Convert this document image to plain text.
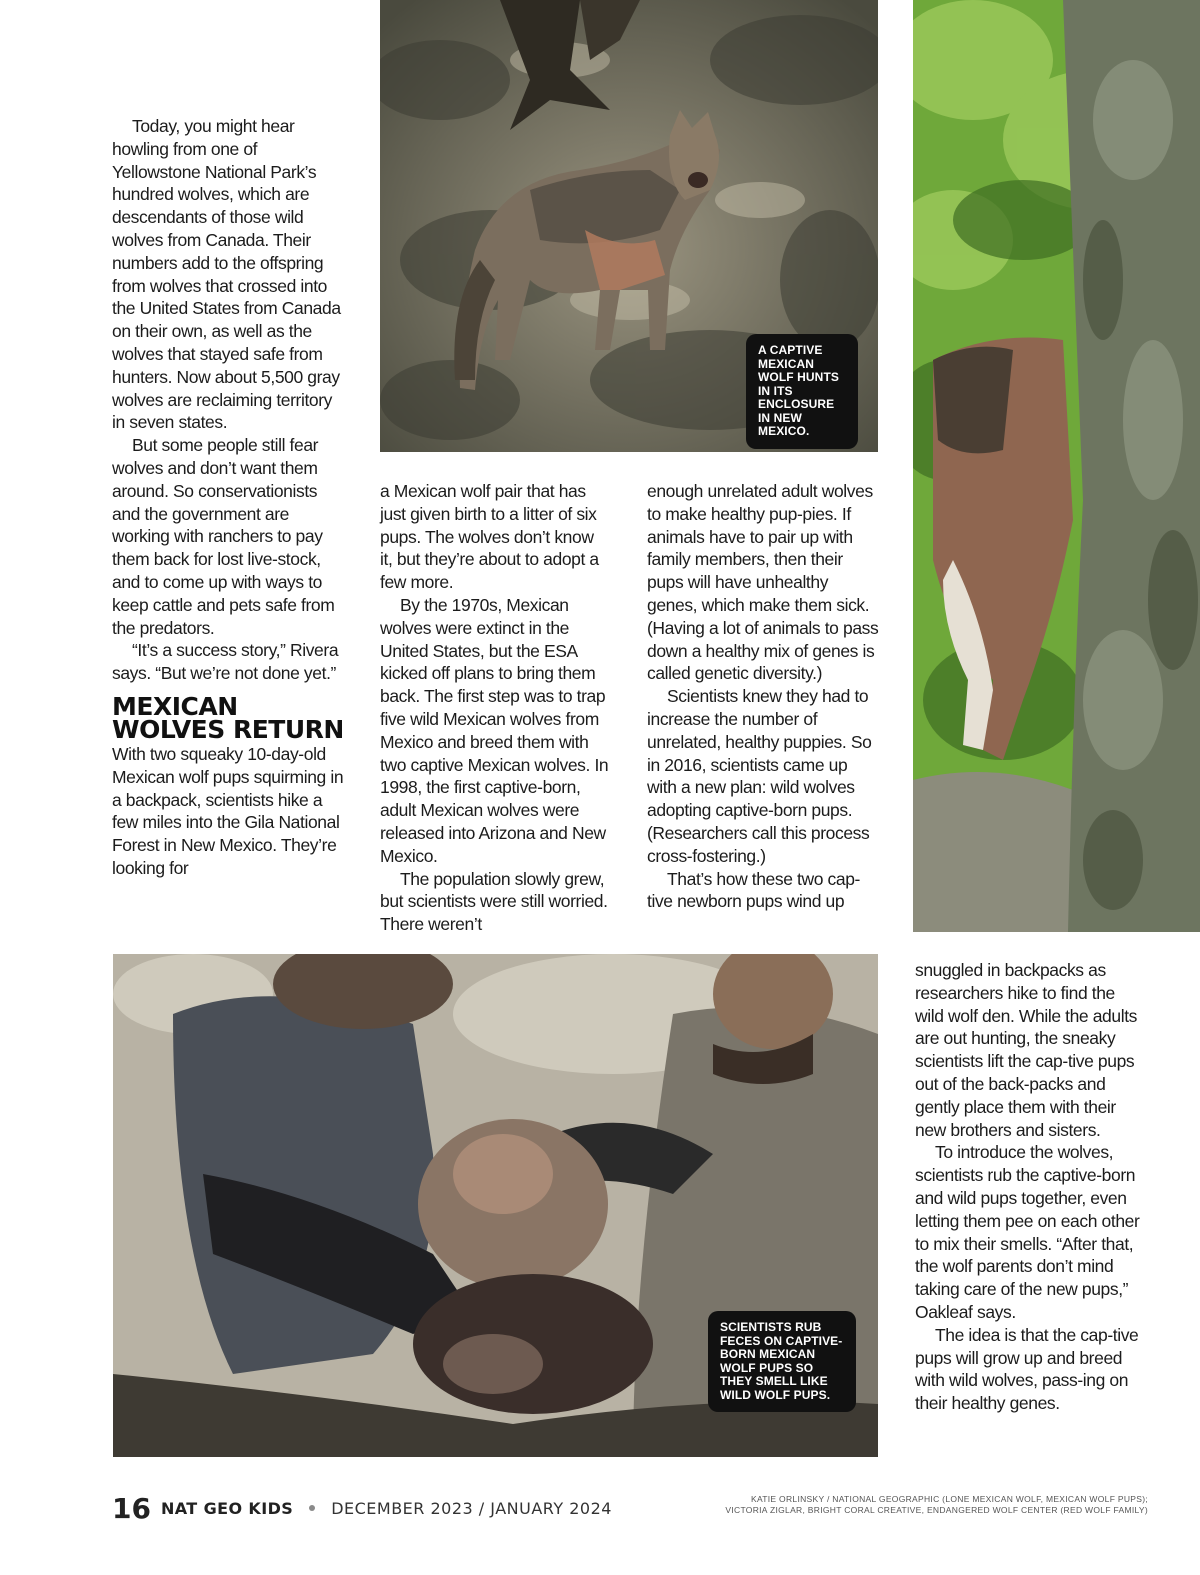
A CAPTIVE MEXICAN WOLF HUNTS IN ITS ENCLOSURE IN NEW MEXICO.
SCIENTISTS RUB FECES ON CAPTIVE-BORN MEXICAN WOLF PUPS SO THEY SMELL LIKE WILD WOLF PUPS.

Today, you might hear howling from one of Yellowstone National Park’s hundred wolves, which are descendants of those wild wolves from Canada. Their numbers add to the offspring from wolves that crossed into the United States from Canada on their own, as well as the wolves that stayed safe from hunters. Now about 5,500 gray wolves are reclaiming territory in seven states.

But some people still fear wolves and don’t want them around. So conservationists and the government are working with ranchers to pay them back for lost live-stock, and to come up with ways to keep cattle and pets safe from the predators.

“It’s a success story,” Rivera says. “But we’re not done yet.”

MEXICAN
WOLVES RETURN

With two squeaky 10-day-old Mexican wolf pups squirming in a backpack, scientists hike a few miles into the Gila National Forest in New Mexico. They’re looking for

a Mexican wolf pair that has just given birth to a litter of six pups. The wolves don’t know it, but they’re about to adopt a few more.

By the 1970s, Mexican wolves were extinct in the United States, but the ESA kicked off plans to bring them back. The first step was to trap five wild Mexican wolves from Mexico and breed them with two captive Mexican wolves. In 1998, the first captive-born, adult Mexican wolves were released into Arizona and New Mexico.

The population slowly grew, but scientists were still worried. There weren’t

enough unrelated adult wolves to make healthy pup-pies. If animals have to pair up with family members, then their pups will have unhealthy genes, which make them sick. (Having a lot of animals to pass down a healthy mix of genes is called genetic diversity.)

Scientists knew they had to increase the number of unrelated, healthy puppies. So in 2016, scientists came up with a new plan: wild wolves adopting captive-born pups. (Researchers call this process cross-fostering.)

That’s how these two cap-tive newborn pups wind up

snuggled in backpacks as researchers hike to find the wild wolf den. While the adults are out hunting, the sneaky scientists lift the cap-tive pups out of the back-packs and gently place them with their new brothers and sisters.

To introduce the wolves, scientists rub the captive-born and wild pups together, even letting them pee on each other to mix their smells. “After that, the wolf parents don’t mind taking care of the new pups,” Oakleaf says.

The idea is that the cap-tive pups will grow up and breed with wild wolves, pass-ing on their healthy genes.

16 NAT GEO KIDS DECEMBER 2023 / JANUARY 2024	KATIE ORLINSKY / NATIONAL GEOGRAPHIC (LONE MEXICAN WOLF, MEXICAN WOLF PUPS);
VICTORIA ZIGLAR, BRIGHT CORAL CREATIVE, ENDANGERED WOLF CENTER (RED WOLF FAMILY)
